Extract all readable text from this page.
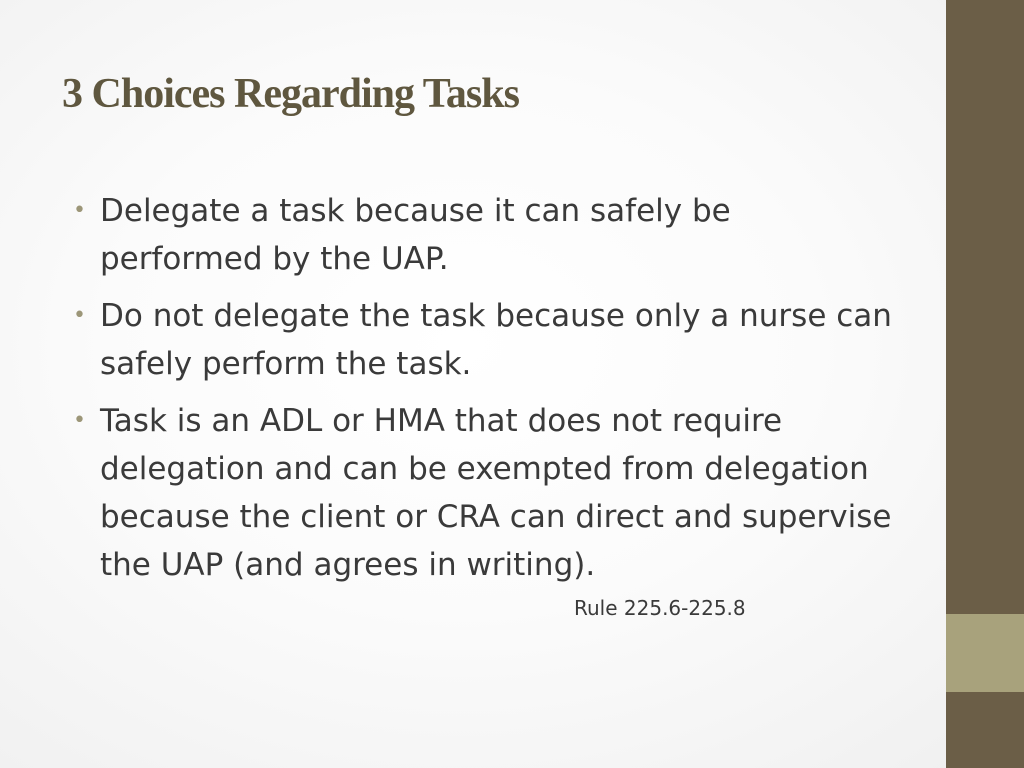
3 Choices Regarding Tasks
• Delegate a task because it can safely be performed by the UAP.
• Do not delegate the task because only a nurse can safely perform the task.
• Task is an ADL or HMA that does not require delegation and can be exempted from delegation because the client or CRA can direct and supervise the UAP (and agrees in writing).
Rule 225.6-225.8
